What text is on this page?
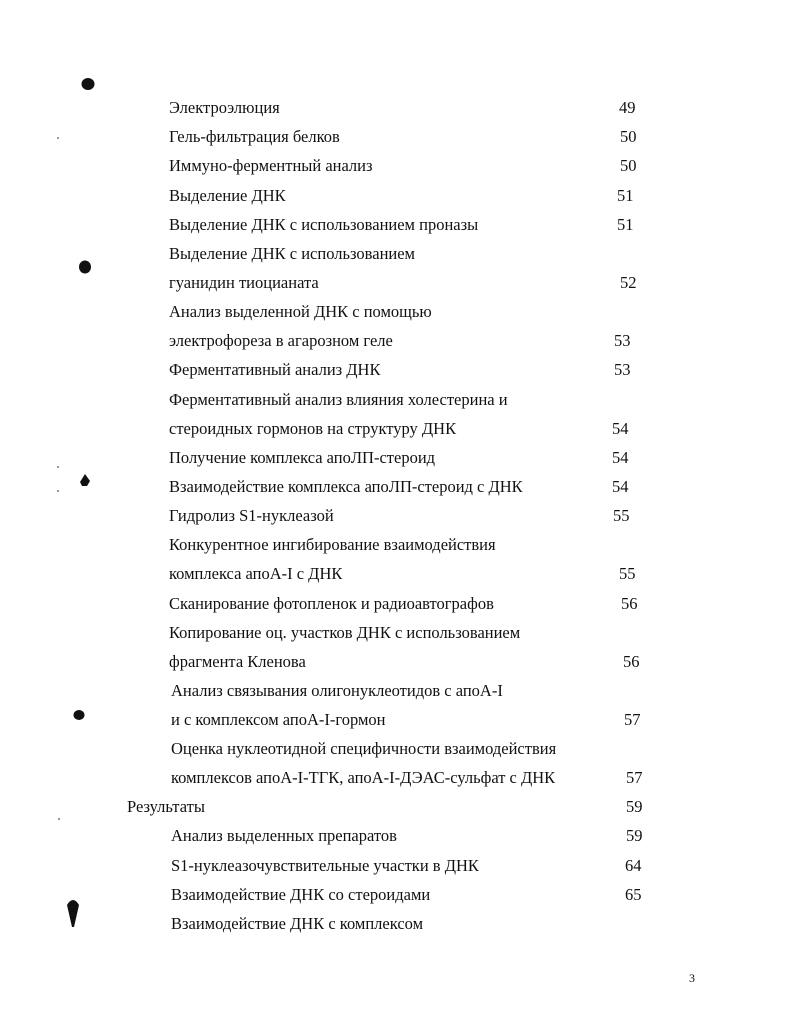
Электроэлюция	49
Гель-фильтрация белков	50
Иммуно-ферментный анализ	50
Выделение ДНК	51
Выделение ДНК с использованием проназы	51
Выделение ДНК с использованием
гуанидин тиоцианата	52
Анализ выделенной ДНК с помощью
электрофореза в агарозном геле	53
Ферментативный анализ ДНК	53
Ферментативный анализ влияния холестерина и
стероидных гормонов на структуру ДНК	54
Получение комплекса апоЛП-стероид	54
Взаимодействие комплекса апоЛП-стероид с ДНК	54
Гидролиз S1-нуклеазой	55
Конкурентное ингибирование взаимодействия
комплекса апоА-I с ДНК	55
Сканирование фотопленок и радиоавтографов	56
Копирование оц. участков ДНК с использованием
фрагмента Кленова	56
Анализ связывания олигонуклеотидов с апоА-I
и с комплексом апоА-I-гормон	57
Оценка нуклеотидной специфичности взаимодействия
комплексов апоА-I-ТГК, апоА-I-ДЭАС-сульфат с ДНК	57
Результаты	59
Анализ выделенных препаратов	59
S1-нуклеазочувствительные участки в ДНК	64
Взаимодействие ДНК со стероидами	65
Взаимодействие ДНК с комплексом
3
